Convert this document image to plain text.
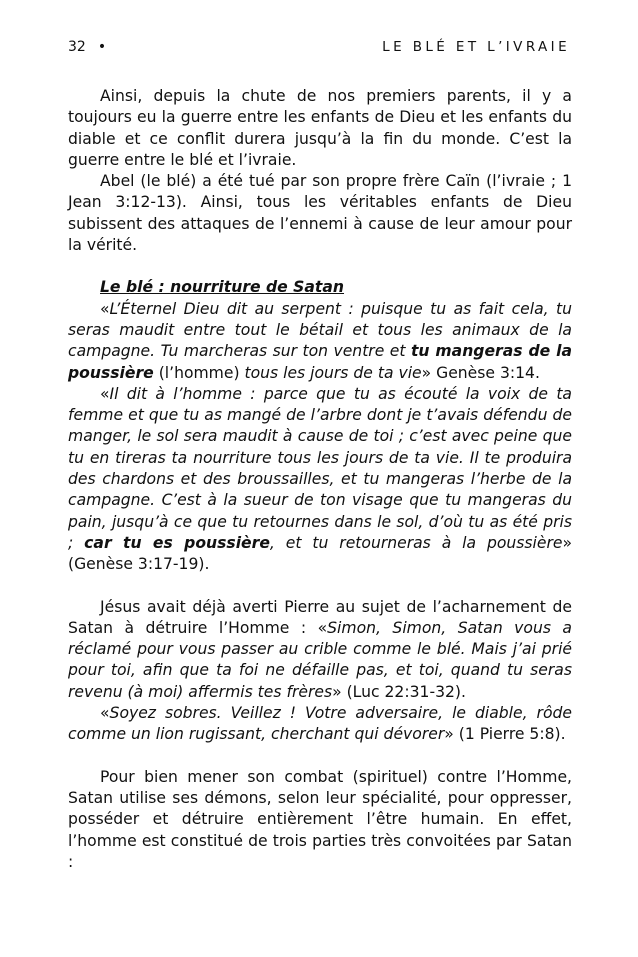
32 •	LE BLÉ ET L’IVRAIE

Ainsi, depuis la chute de nos premiers parents, il y a toujours eu la guerre entre les enfants de Dieu et les enfants du diable et ce conflit durera jusqu’à la fin du monde. C’est la guerre entre le blé et l’ivraie.

Abel (le blé) a été tué par son propre frère Caïn (l’ivraie ; 1 Jean 3:12-13). Ainsi, tous les véritables enfants de Dieu subissent des attaques de l’ennemi à cause de leur amour pour la vérité.

Le blé : nourriture de Satan

«L’Éternel Dieu dit au serpent : puisque tu as fait cela, tu seras maudit entre tout le bétail et tous les animaux de la campagne. Tu marcheras sur ton ventre et tu mangeras de la poussière (l’homme) tous les jours de ta vie» Genèse 3:14.

«Il dit à l’homme : parce que tu as écouté la voix de ta femme et que tu as mangé de l’arbre dont je t’avais défendu de manger, le sol sera maudit à cause de toi ; c’est avec peine que tu en tireras ta nourriture tous les jours de ta vie. Il te produira des chardons et des broussailles, et tu mangeras l’herbe de la campagne. C’est à la sueur de ton visage que tu mangeras du pain, jusqu’à ce que tu retournes dans le sol, d’où tu as été pris ; car tu es poussière, et tu retourneras à la poussière» (Genèse 3:17-19).

Jésus avait déjà averti Pierre au sujet de l’acharnement de Satan à détruire l’Homme : «Simon, Simon, Satan vous a réclamé pour vous passer au crible comme le blé. Mais j’ai prié pour toi, afin que ta foi ne défaille pas, et toi, quand tu seras revenu (à moi) affermis tes frères» (Luc 22:31-32).

«Soyez sobres. Veillez ! Votre adversaire, le diable, rôde comme un lion rugissant, cherchant qui dévorer» (1 Pierre 5:8).

Pour bien mener son combat (spirituel) contre l’Homme, Satan utilise ses démons, selon leur spécialité, pour oppresser, posséder et détruire entièrement l’être humain. En effet, l’homme est constitué de trois parties très convoitées par Satan :
